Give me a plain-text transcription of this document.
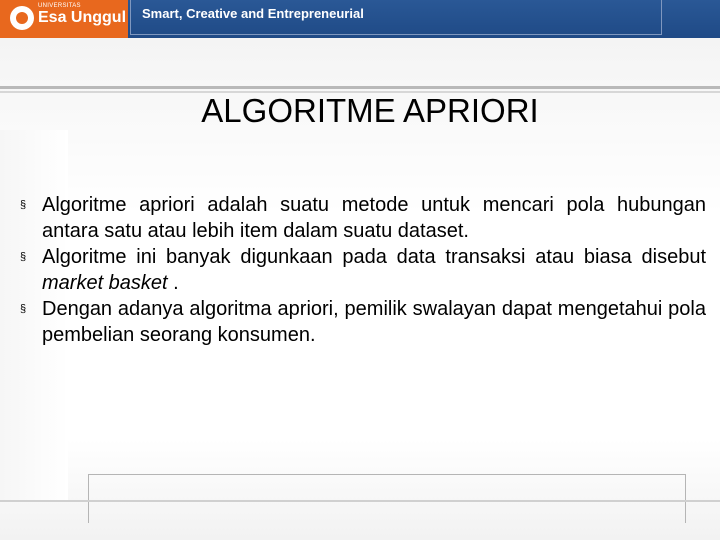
UNIVERSITAS
Esa Unggul Smart, Creative and Entrepreneurial
ALGORITME APRIORI

§ Algoritme apriori adalah suatu metode untuk mencari pola hubungan antara satu atau lebih item dalam suatu dataset.

§ Algoritme ini banyak digunkaan pada data transaksi atau biasa disebut market basket .

§ Dengan adanya algoritma apriori, pemilik swalayan dapat mengetahui pola pembelian seorang konsumen.
